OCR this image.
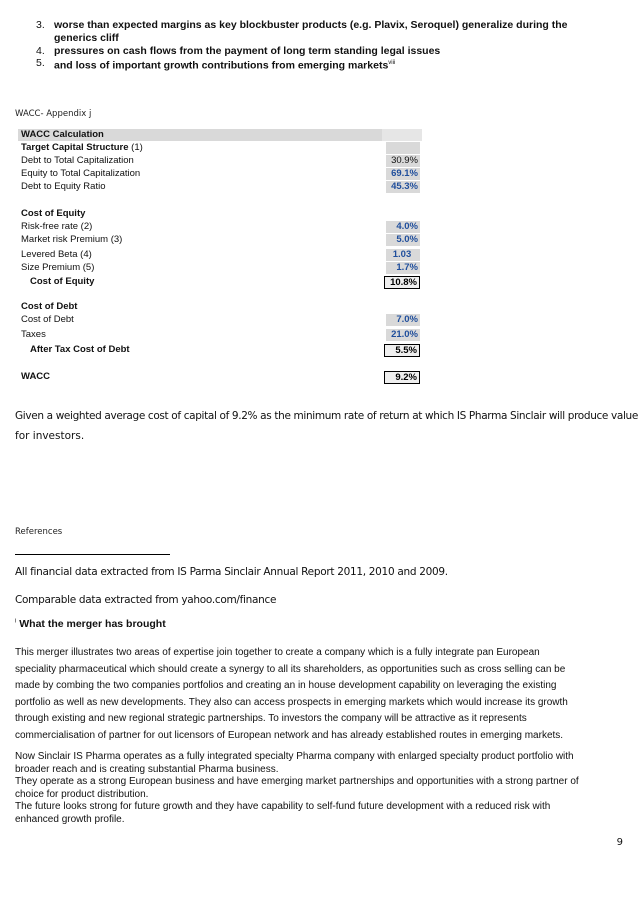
3. worse than expected margins as key blockbuster products (e.g. Plavix, Seroquel) generalize during the
generics cliff
4. pressures on cash flows from the payment of long term standing legal issues
5. and loss of important growth contributions from emerging markets$^{viii}$
WACC- Appendix j
WACC Calculation
Target Capital Structure (1)
Debt to Total Capitalization	30.9%
Equity to Total Capitalization	69.1%
Debt to Equity Ratio	45.3%
Cost of Equity
Risk-free rate (2)	4.0%
Market risk Premium (3)	5.0%
Levered Beta (4)	1.03
Size Premium (5)	1.7%
Cost of Equity	10.8%
Cost of Debt
Cost of Debt	7.0%
Taxes	21.0%
After Tax Cost of Debt	5.5%
WACC	9.2%
Given a weighted average cost of capital of 9.2% as the minimum rate of return at which IS Pharma Sinclair will produce value
for investors.
References
All financial data extracted from IS Parma Sinclair Annual Report 2011, 2010 and 2009.
Comparable data extracted from yahoo.com/finance
$^i$ What the merger has brought
This merger illustrates two areas of expertise join together to create a company which is a fully integrate pan European
speciality pharmaceutical which should create a synergy to all its shareholders, as opportunities such as cross selling can be
made by combing the two companies portfolios and creating an in house development capability on leveraging the existing
portfolio as well as new developments. They also can access prospects in emerging markets which would increase its growth
through existing and new regional strategic partnerships. To investors the company will be attractive as it represents
commercialisation of partner for out licensors of European network and has already established routes in emerging markets.
Now Sinclair IS Pharma operates as a fully integrated specialty Pharma company with enlarged specialty product portfolio with
broader reach and is creating substantial Pharma business.
They operate as a strong European business and have emerging market partnerships and opportunities with a strong partner of
choice for product distribution.
The future looks strong for future growth and they have capability to self-fund future development with a reduced risk with
enhanced growth profile.
9
